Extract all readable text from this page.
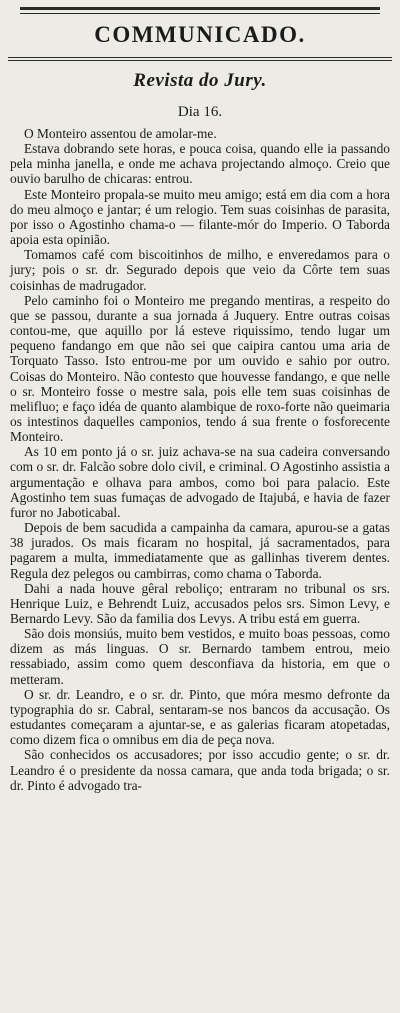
COMMUNICADO.
Revista do Jury.
Dia 16.

O Monteiro assentou de amolar-me.

Estava dobrando sete horas, e pouca coisa, quando elle ia passando pela minha janella, e onde me achava projectando almoço. Creio que ouvio barulho de chicaras: entrou.

Este Monteiro propala-se muito meu amigo; está em dia com a hora do meu almoço e jantar; é um relogio. Tem suas coisinhas de parasita, por isso o Agostinho chama-o — filante-mór do Imperio. O Taborda apoia esta opinião.

Tomamos café com biscoitinhos de milho, e enveredamos para o jury; pois o sr. dr. Segurado depois que veio da Côrte tem suas coisinhas de madrugador.

Pelo caminho foi o Monteiro me pregando mentiras, a respeito do que se passou, durante a sua jornada á Juquery. Entre outras coisas contou-me, que aquillo por lá esteve riquissimo, tendo lugar um pequeno fandango em que não sei que caipira cantou uma aria de Torquato Tasso. Isto entrou-me por um ouvido e sahio por outro. Coisas do Monteiro. Não contesto que houvesse fandango, e que nelle o sr. Monteiro fosse o mestre sala, pois elle tem suas coisinhas de melifluo; e faço idéa de quanto alambique de roxo-forte não queimaria os intestinos daquelles camponios, tendo á sua frente o fosforecente Monteiro.

As 10 em ponto já o sr. juiz achava-se na sua cadeira conversando com o sr. dr. Falcão sobre dolo civil, e criminal. O Agostinho assistia a argumentação e olhava para ambos, como boi para palacio. Este Agostinho tem suas fumaças de advogado de Itajubá, e havia de fazer furor no Jaboticabal.

Depois de bem sacudida a campainha da camara, apurou-se a gatas 38 jurados. Os mais ficaram no hospital, já sacramentados, para pagarem a multa, immediatamente que as gallinhas tiverem dentes. Regula dez pelegos ou cambirras, como chama o Taborda.

Dahi a nada houve gêral reboliço; entraram no tribunal os srs. Henrique Luiz, e Behrendt Luiz, accusados pelos srs. Simon Levy, e Bernardo Levy. São da familia dos Levys. A tribu está em guerra.

São dois monsiús, muito bem vestidos, e muito boas pessoas, como dizem as más linguas. O sr. Bernardo tambem entrou, meio ressabiado, assim como quem desconfiava da historia, em que o metteram.

O sr. dr. Leandro, e o sr. dr. Pinto, que móra mesmo defronte da typographia do sr. Cabral, sentaram-se nos bancos da accusação. Os estudantes começaram a ajuntar-se, e as galerias ficaram atopetadas, como dizem fica o omnibus em dia de peça nova.

São conhecidos os accusadores; por isso accudio gente; o sr. dr. Leandro é o presidente da nossa camara, que anda toda brigada; o sr. dr. Pinto é advogado tra-
